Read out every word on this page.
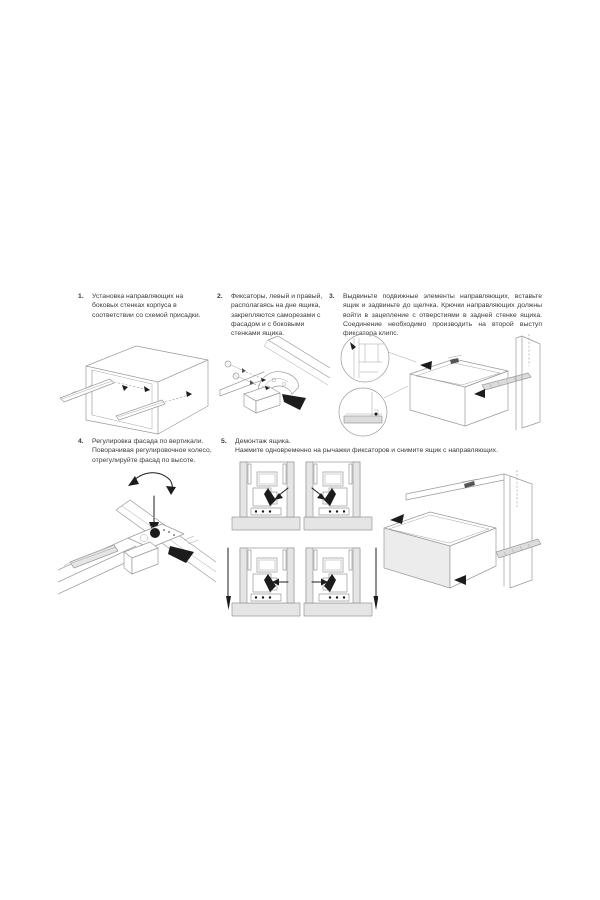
1.	Установка направляющих на боковых стенках корпуса в соответствии со схемой присадки.
2.	Фиксаторы, левый и правый, располагаясь на дне ящика, закрепляются саморезами с фасадом и с боковыми стенками ящика.
3.	Выдвиньте подвижные элементы направляющих, вставьте ящик и задвиньте до щелчка. Крючки направляющих должны войти в зацепление с отверстиями в задней стенке ящика. Соединение необходимо производить на второй выступ фиксатора клипс.
4.	Регулировка фасада по вертикали. Поворачивая регулировочное колесо, отрегулируйте фасад по высоте.
5.	Демонтаж ящика.
Нажмите одновременно на рычажки фиксаторов и снимите ящик с направляющих.
